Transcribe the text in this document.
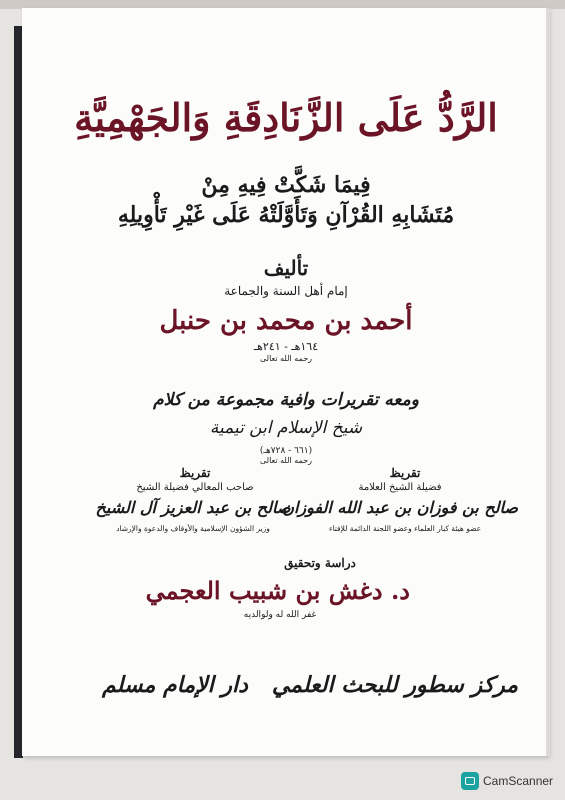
الرَّدُّ عَلَى الزَّنَادِقَةِ وَالجَهْمِيَّةِ
فِيمَا شَكَّتْ فِيهِ مِنْ
مُتَشَابِهِ القُرْآنِ وَتَأَوَّلَتْهُ عَلَى غَيْرِ تَأْوِيلِهِ
تأليف
إمام أهل السنة والجماعة
أحمد بن محمد بن حنبل
١٦٤هـ - ٢٤١هـ
رحمه الله تعالى
ومعه تقريرات وافية مجموعة من كلام
شيخ الإسلام ابن تيمية
(٦٦١ - ٧٢٨هـ)
رحمه الله تعالى
تقريظ
فضيلة الشيخ العلامة
صالح بن فوزان بن عبد الله الفوزان
عضو هيئة كبار العلماء وعضو اللجنة الدائمة للإفتاء
تقريظ
صاحب المعالي فضيلة الشيخ
صالح بن عبد العزيز آل الشيخ
وزير الشؤون الإسلامية والأوقاف والدعوة والإرشاد
دراسة وتحقيق
د. دغش بن شبيب العجمي
غفر الله له ولوالديه
مركز سطور للبحث العلمي
دار الإمام مسلم
CamScanner
